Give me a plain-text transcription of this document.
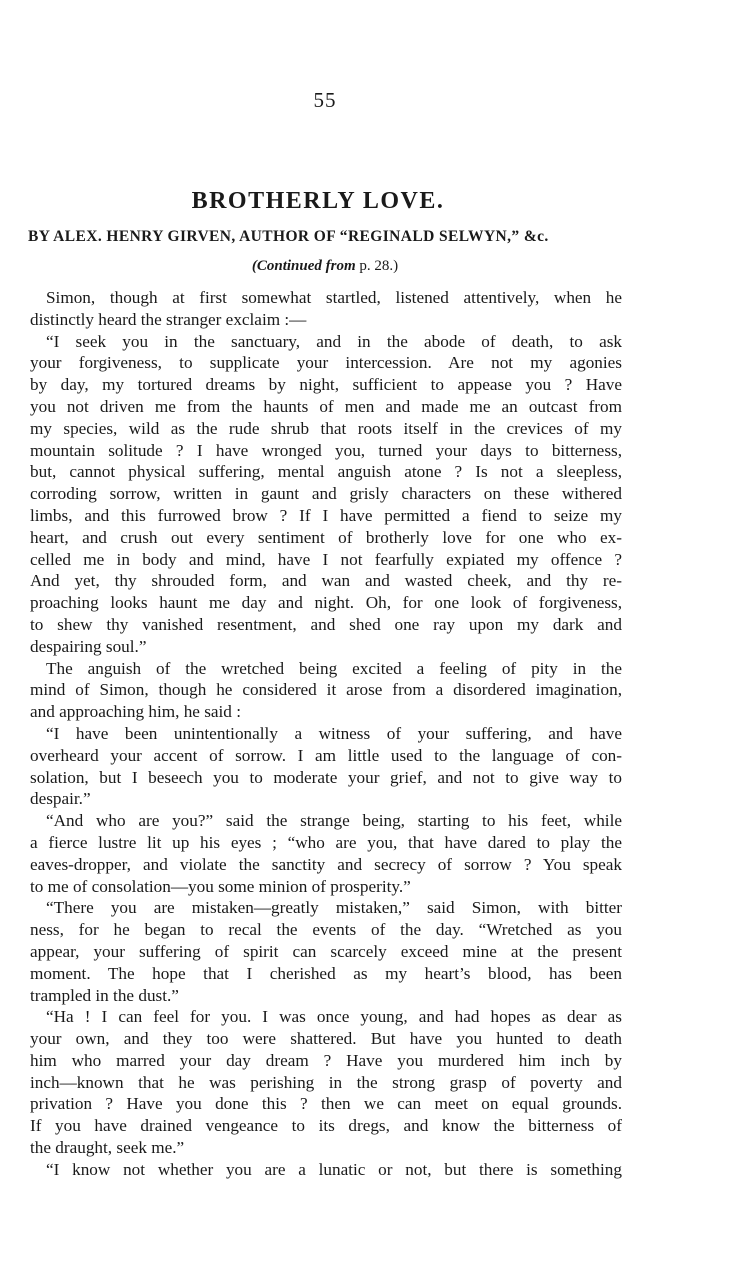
55
BROTHERLY LOVE.
BY ALEX. HENRY GIRVEN, AUTHOR OF “REGINALD SELWYN,” &c.
(Continued from p. 28.)
Simon, though at first somewhat startled, listened attentively, when he
distinctly heard the stranger exclaim :—
“I seek you in the sanctuary, and in the abode of death, to ask
your forgiveness, to supplicate your intercession. Are not my agonies
by day, my tortured dreams by night, sufficient to appease you ? Have
you not driven me from the haunts of men and made me an outcast from
my species, wild as the rude shrub that roots itself in the crevices of my
mountain solitude ? I have wronged you, turned your days to bitterness,
but, cannot physical suffering, mental anguish atone ? Is not a sleepless,
corroding sorrow, written in gaunt and grisly characters on these withered
limbs, and this furrowed brow ? If I have permitted a fiend to seize my
heart, and crush out every sentiment of brotherly love for one who ex-
celled me in body and mind, have I not fearfully expiated my offence ?
And yet, thy shrouded form, and wan and wasted cheek, and thy re-
proaching looks haunt me day and night. Oh, for one look of forgiveness,
to shew thy vanished resentment, and shed one ray upon my dark and
despairing soul.”
The anguish of the wretched being excited a feeling of pity in the
mind of Simon, though he considered it arose from a disordered imagination,
and approaching him, he said :
“I have been unintentionally a witness of your suffering, and have
overheard your accent of sorrow. I am little used to the language of con-
solation, but I beseech you to moderate your grief, and not to give way to
despair.”
“And who are you?” said the strange being, starting to his feet, while
a fierce lustre lit up his eyes ; “who are you, that have dared to play the
eaves-dropper, and violate the sanctity and secrecy of sorrow ? You speak
to me of consolation—you some minion of prosperity.”
“There you are mistaken—greatly mistaken,” said Simon, with bitter
ness, for he began to recal the events of the day. “Wretched as you
appear, your suffering of spirit can scarcely exceed mine at the present
moment. The hope that I cherished as my heart’s blood, has been
trampled in the dust.”
“Ha ! I can feel for you. I was once young, and had hopes as dear as
your own, and they too were shattered. But have you hunted to death
him who marred your day dream ? Have you murdered him inch by
inch—known that he was perishing in the strong grasp of poverty and
privation ? Have you done this ? then we can meet on equal grounds.
If you have drained vengeance to its dregs, and know the bitterness of
the draught, seek me.”
“I know not whether you are a lunatic or not, but there is something
